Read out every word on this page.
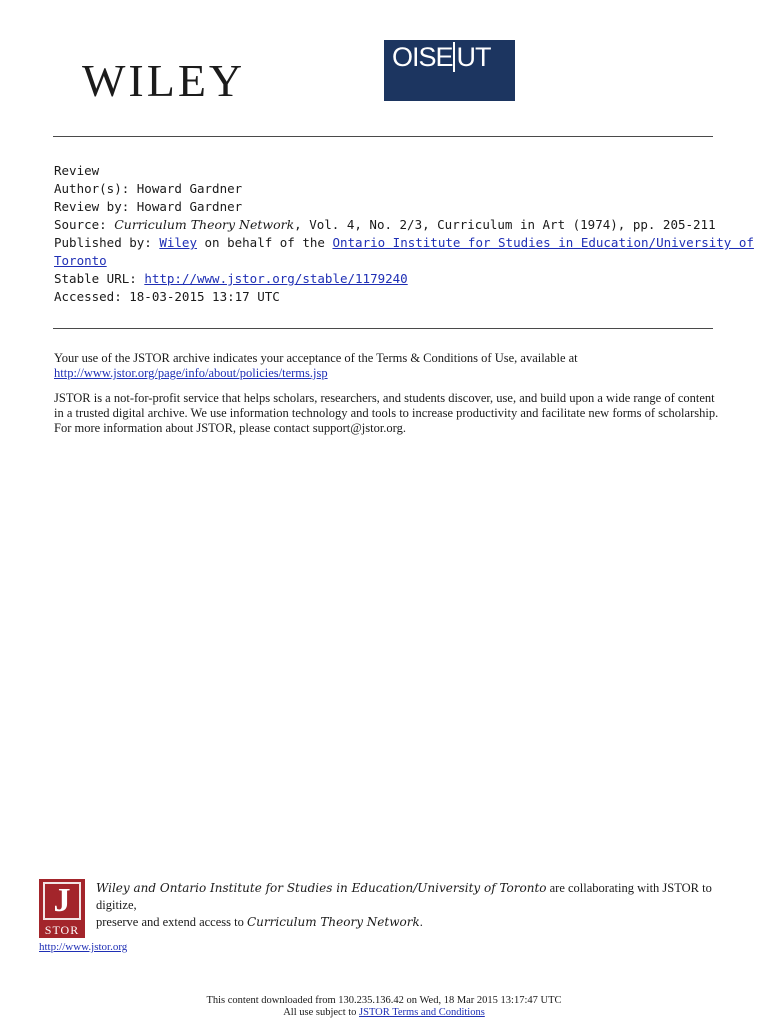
WILEY	OISE UT
Review
Author(s): Howard Gardner
Review by: Howard Gardner
Source: Curriculum Theory Network, Vol. 4, No. 2/3, Curriculum in Art (1974), pp. 205-211
Published by: Wiley on behalf of the Ontario Institute for Studies in Education/University of
Toronto
Stable URL: http://www.jstor.org/stable/1179240
Accessed: 18-03-2015 13:17 UTC
Your use of the JSTOR archive indicates your acceptance of the Terms & Conditions of Use, available at
http://www.jstor.org/page/info/about/policies/terms.jsp
JSTOR is a not-for-profit service that helps scholars, researchers, and students discover, use, and build upon a wide range of content
in a trusted digital archive. We use information technology and tools to increase productivity and facilitate new forms of scholarship.
For more information about JSTOR, please contact support@jstor.org.
J
STOR
Wiley and Ontario Institute for Studies in Education/University of Toronto are collaborating with JSTOR to digitize,
preserve and extend access to Curriculum Theory Network.
http://www.jstor.org
This content downloaded from 130.235.136.42 on Wed, 18 Mar 2015 13:17:47 UTC
All use subject to JSTOR Terms and Conditions
